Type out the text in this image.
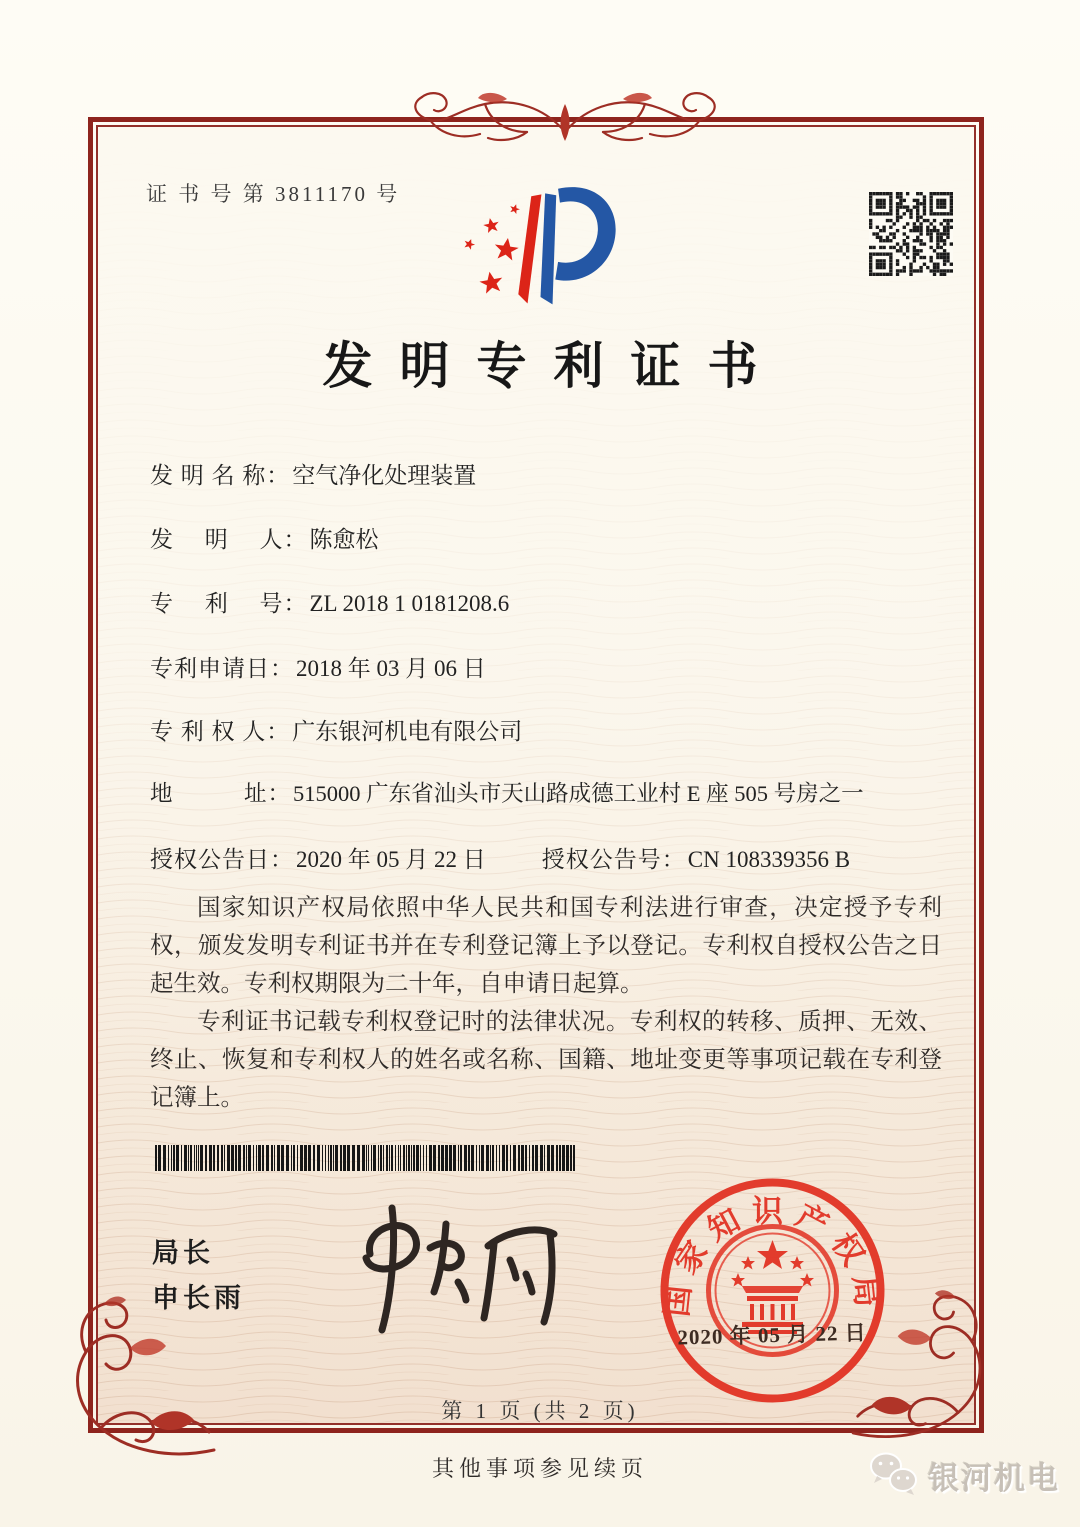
证 书 号 第 3811170 号
发明专利证书
发 明 名 称：空气净化处理装置
发　 明　 人：陈愈松
专　 利　 号：ZL 2018 1 0181208.6
专利申请日：2018 年 03 月 06 日
专 利 权 人：广东银河机电有限公司
地　　　址：515000 广东省汕头市天山路成德工业村 E 座 505 号房之一
授权公告日：2020 年 05 月 22 日 授权公告号：CN 108339356 B

国家知识产权局依照中华人民共和国专利法进行审查，决定授予专利权，颁发发明专利证书并在专利登记簿上予以登记。专利权自授权公告之日起生效。专利权期限为二十年，自申请日起算。

专利证书记载专利权登记时的法律状况。专利权的转移、质押、无效、终止、恢复和专利权人的姓名或名称、国籍、地址变更等事项记载在专利登记簿上。

局长
申长雨	国家知识产权局
2020 年 05 月 22 日
第 1 页 (共 2 页)
其他事项参见续页	银河机电
